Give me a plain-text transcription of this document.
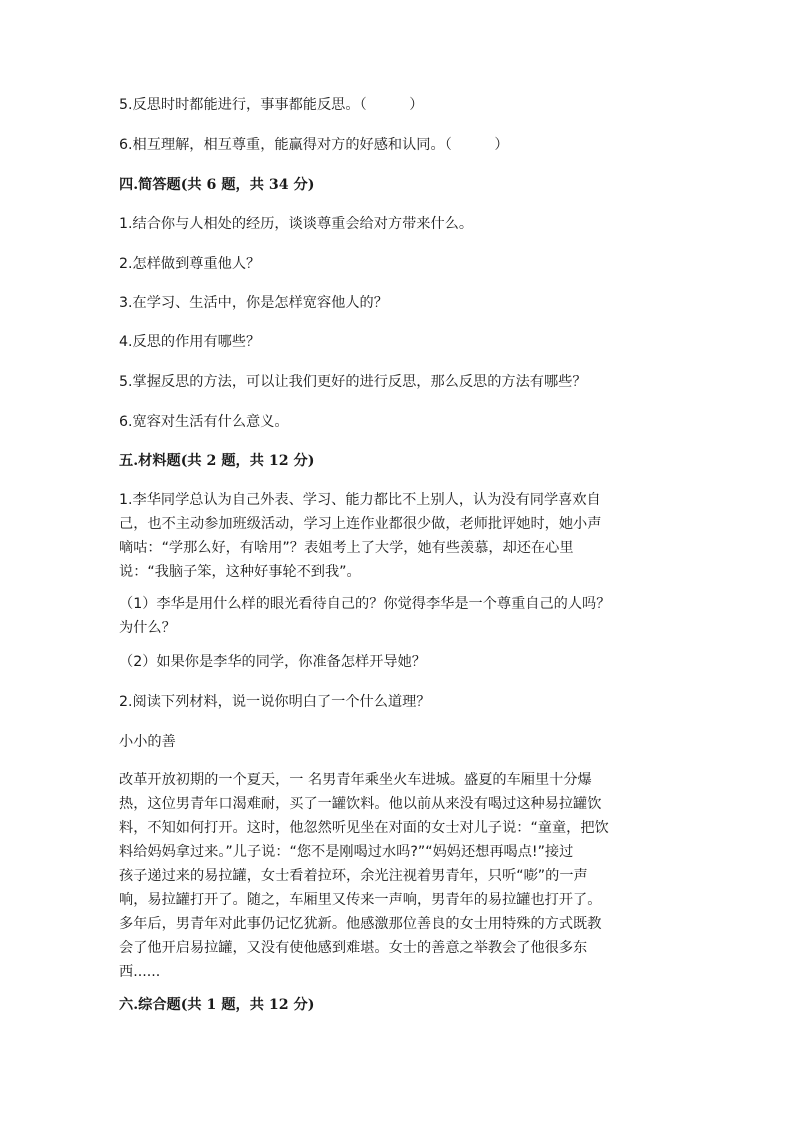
5.反思时时都能进行，事事都能反思。（　　　）
6.相互理解，相互尊重，能赢得对方的好感和认同。（　　　）
四.简答题(共 6 题，共 34 分)
1.结合你与人相处的经历，谈谈尊重会给对方带来什么。
2.怎样做到尊重他人？
3.在学习、生活中，你是怎样宽容他人的？
4.反思的作用有哪些？
5.掌握反思的方法，可以让我们更好的进行反思，那么反思的方法有哪些？
6.宽容对生活有什么意义。
五.材料题(共 2 题，共 12 分)
1.李华同学总认为自己外表、学习、能力都比不上别人，认为没有同学喜欢自
己，也不主动参加班级活动，学习上连作业都很少做，老师批评她时，她小声
嘀咕：“学那么好，有啥用”？表姐考上了大学，她有些羡慕，却还在心里
说：“我脑子笨，这种好事轮不到我”。
（1）李华是用什么样的眼光看待自己的？你觉得李华是一个尊重自己的人吗？
为什么？
（2）如果你是李华的同学，你准备怎样开导她？
2.阅读下列材料，说一说你明白了一个什么道理？
小小的善
改革开放初期的一个夏天，一 名男青年乘坐火车进城。盛夏的车厢里十分爆
热，这位男青年口渴难耐，买了一罐饮料。他以前从来没有喝过这种易拉罐饮
料，不知如何打开。这时，他忽然听见坐在对面的女士对儿子说：“童童，把饮
料给妈妈拿过来。”儿子说：“您不是刚喝过水吗?”“妈妈还想再喝点!”接过
孩子递过来的易拉罐，女士看着拉环，余光注视着男青年，只听“嘭”的一声
响，易拉罐打开了。随之，车厢里又传来一声响，男青年的易拉罐也打开了。
多年后，男青年对此事仍记忆犹新。他感激那位善良的女士用特殊的方式既教
会了他开启易拉罐，又没有使他感到难堪。女士的善意之举教会了他很多东
西......
六.综合题(共 1 题，共 12 分)
